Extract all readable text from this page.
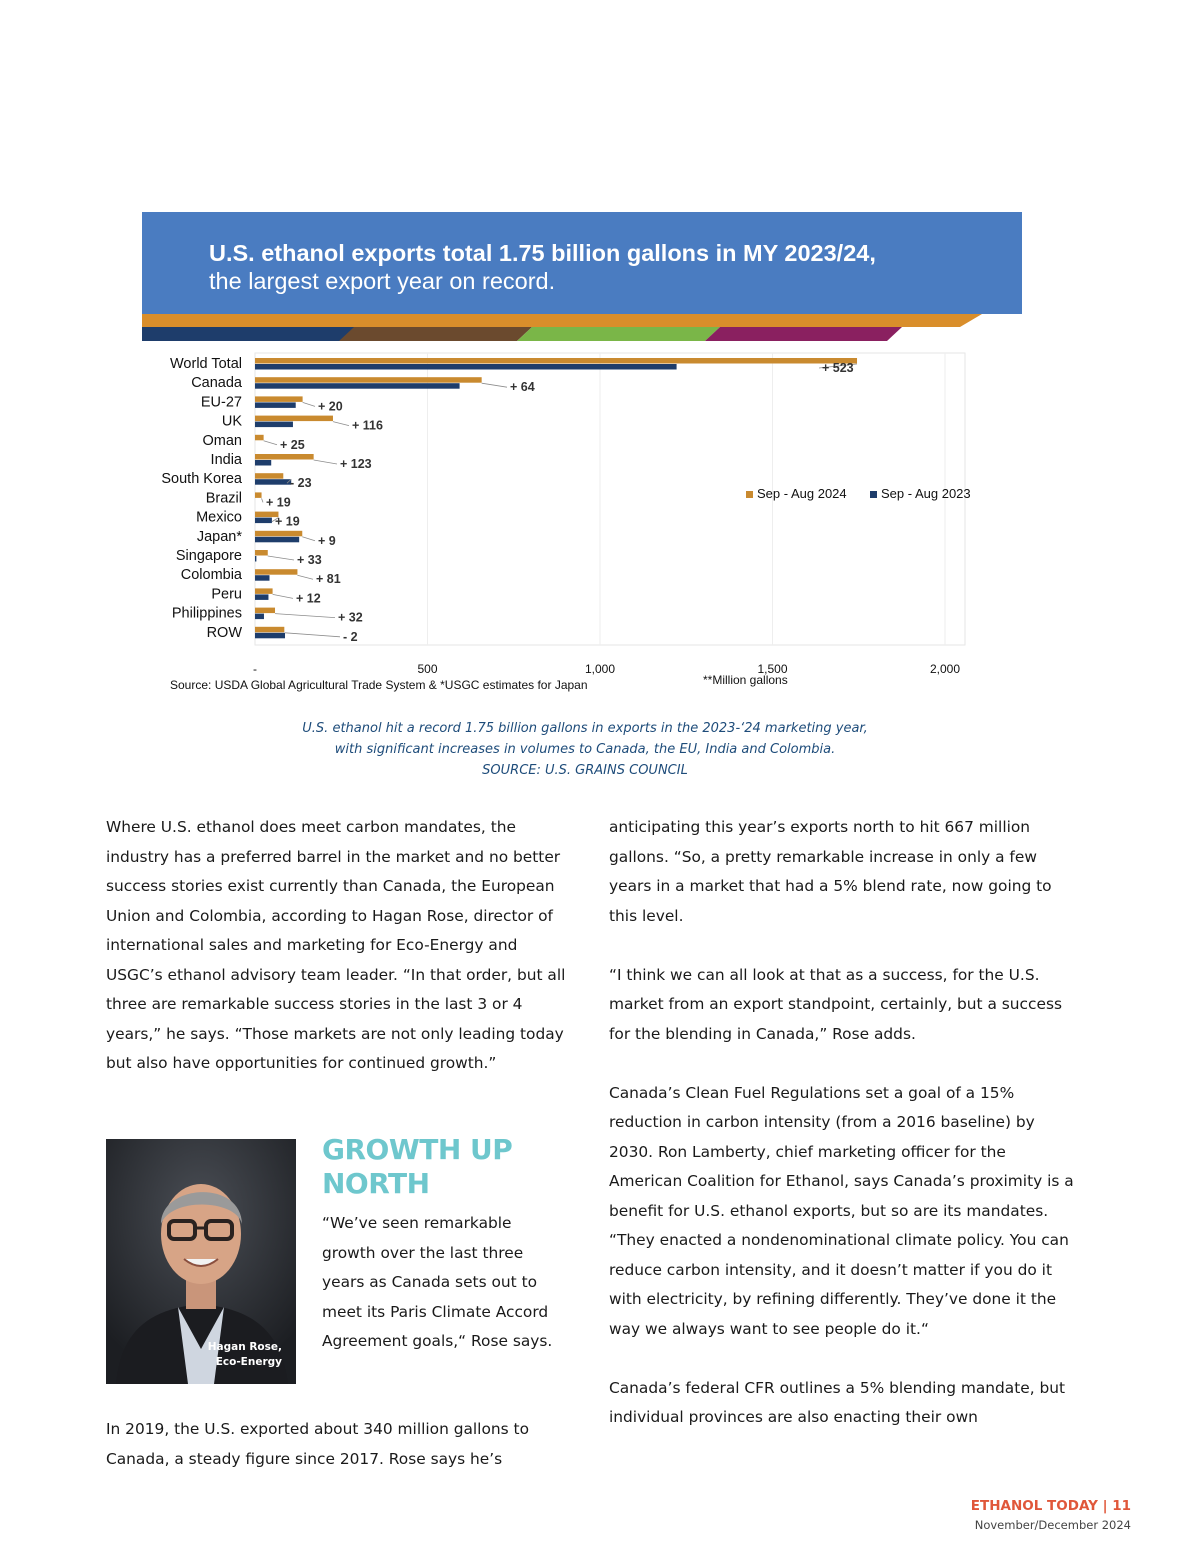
U.S. ethanol exports total 1.75 billion gallons in MY 2023/24,
the largest export year on record.
-	500	1,000	1,500	2,000
World Total	+ 523
Canada	+ 64
EU-27	+ 20
UK	+ 116
Oman	+ 25
India	+ 123
South Korea	- 23
Brazil + 19
Mexico	+ 19
Japan*	+ 9
Singapore	+ 33
Colombia	+ 81
Peru	+ 12
Philippines	+ 32
ROW	- 2
Sep - Aug 2024	Sep - Aug 2023
Source: USDA Global Agricultural Trade System & *USGC estimates for Japan	**Million gallons
U.S. ethanol hit a record 1.75 billion gallons in exports in the 2023-‘24 marketing year,
with significant increases in volumes to Canada, the EU, India and Colombia.
SOURCE: U.S. GRAINS COUNCIL

Where U.S. ethanol does meet carbon mandates, the industry has a preferred barrel in the market and no better success stories exist currently than Canada, the European Union and Colombia, according to Hagan Rose, director of international sales and marketing for Eco-Energy and USGC’s ethanol advisory team leader. “In that order, but all three are remarkable success stories in the last 3 or 4 years,” he says. “Those markets are not only leading today but also have opportunities for continued growth.”

Hagan Rose,
Eco-Energy
GROWTH UP
NORTH

“We’ve seen remarkable growth over the last three years as Canada sets out to meet its Paris Climate Accord Agreement goals,“ Rose says.

In 2019, the U.S. exported about 340 million gallons to Canada, a steady figure since 2017. Rose says he’s

anticipating this year’s exports north to hit 667 million gallons. “So, a pretty remarkable increase in only a few years in a market that had a 5% blend rate, now going to this level.

“I think we can all look at that as a success, for the U.S. market from an export standpoint, certainly, but a success for the blending in Canada,” Rose adds.

Canada’s Clean Fuel Regulations set a goal of a 15% reduction in carbon intensity (from a 2016 baseline) by 2030. Ron Lamberty, chief marketing officer for the American Coalition for Ethanol, says Canada’s proximity is a benefit for U.S. ethanol exports, but so are its mandates. “They enacted a nondenominational climate policy. You can reduce carbon intensity, and it doesn’t matter if you do it with electricity, by refining differently. They’ve done it the way we always want to see people do it.“

Canada’s federal CFR outlines a 5% blending mandate, but individual provinces are also enacting their own

ETHANOL TODAY | 11
November/December 2024
